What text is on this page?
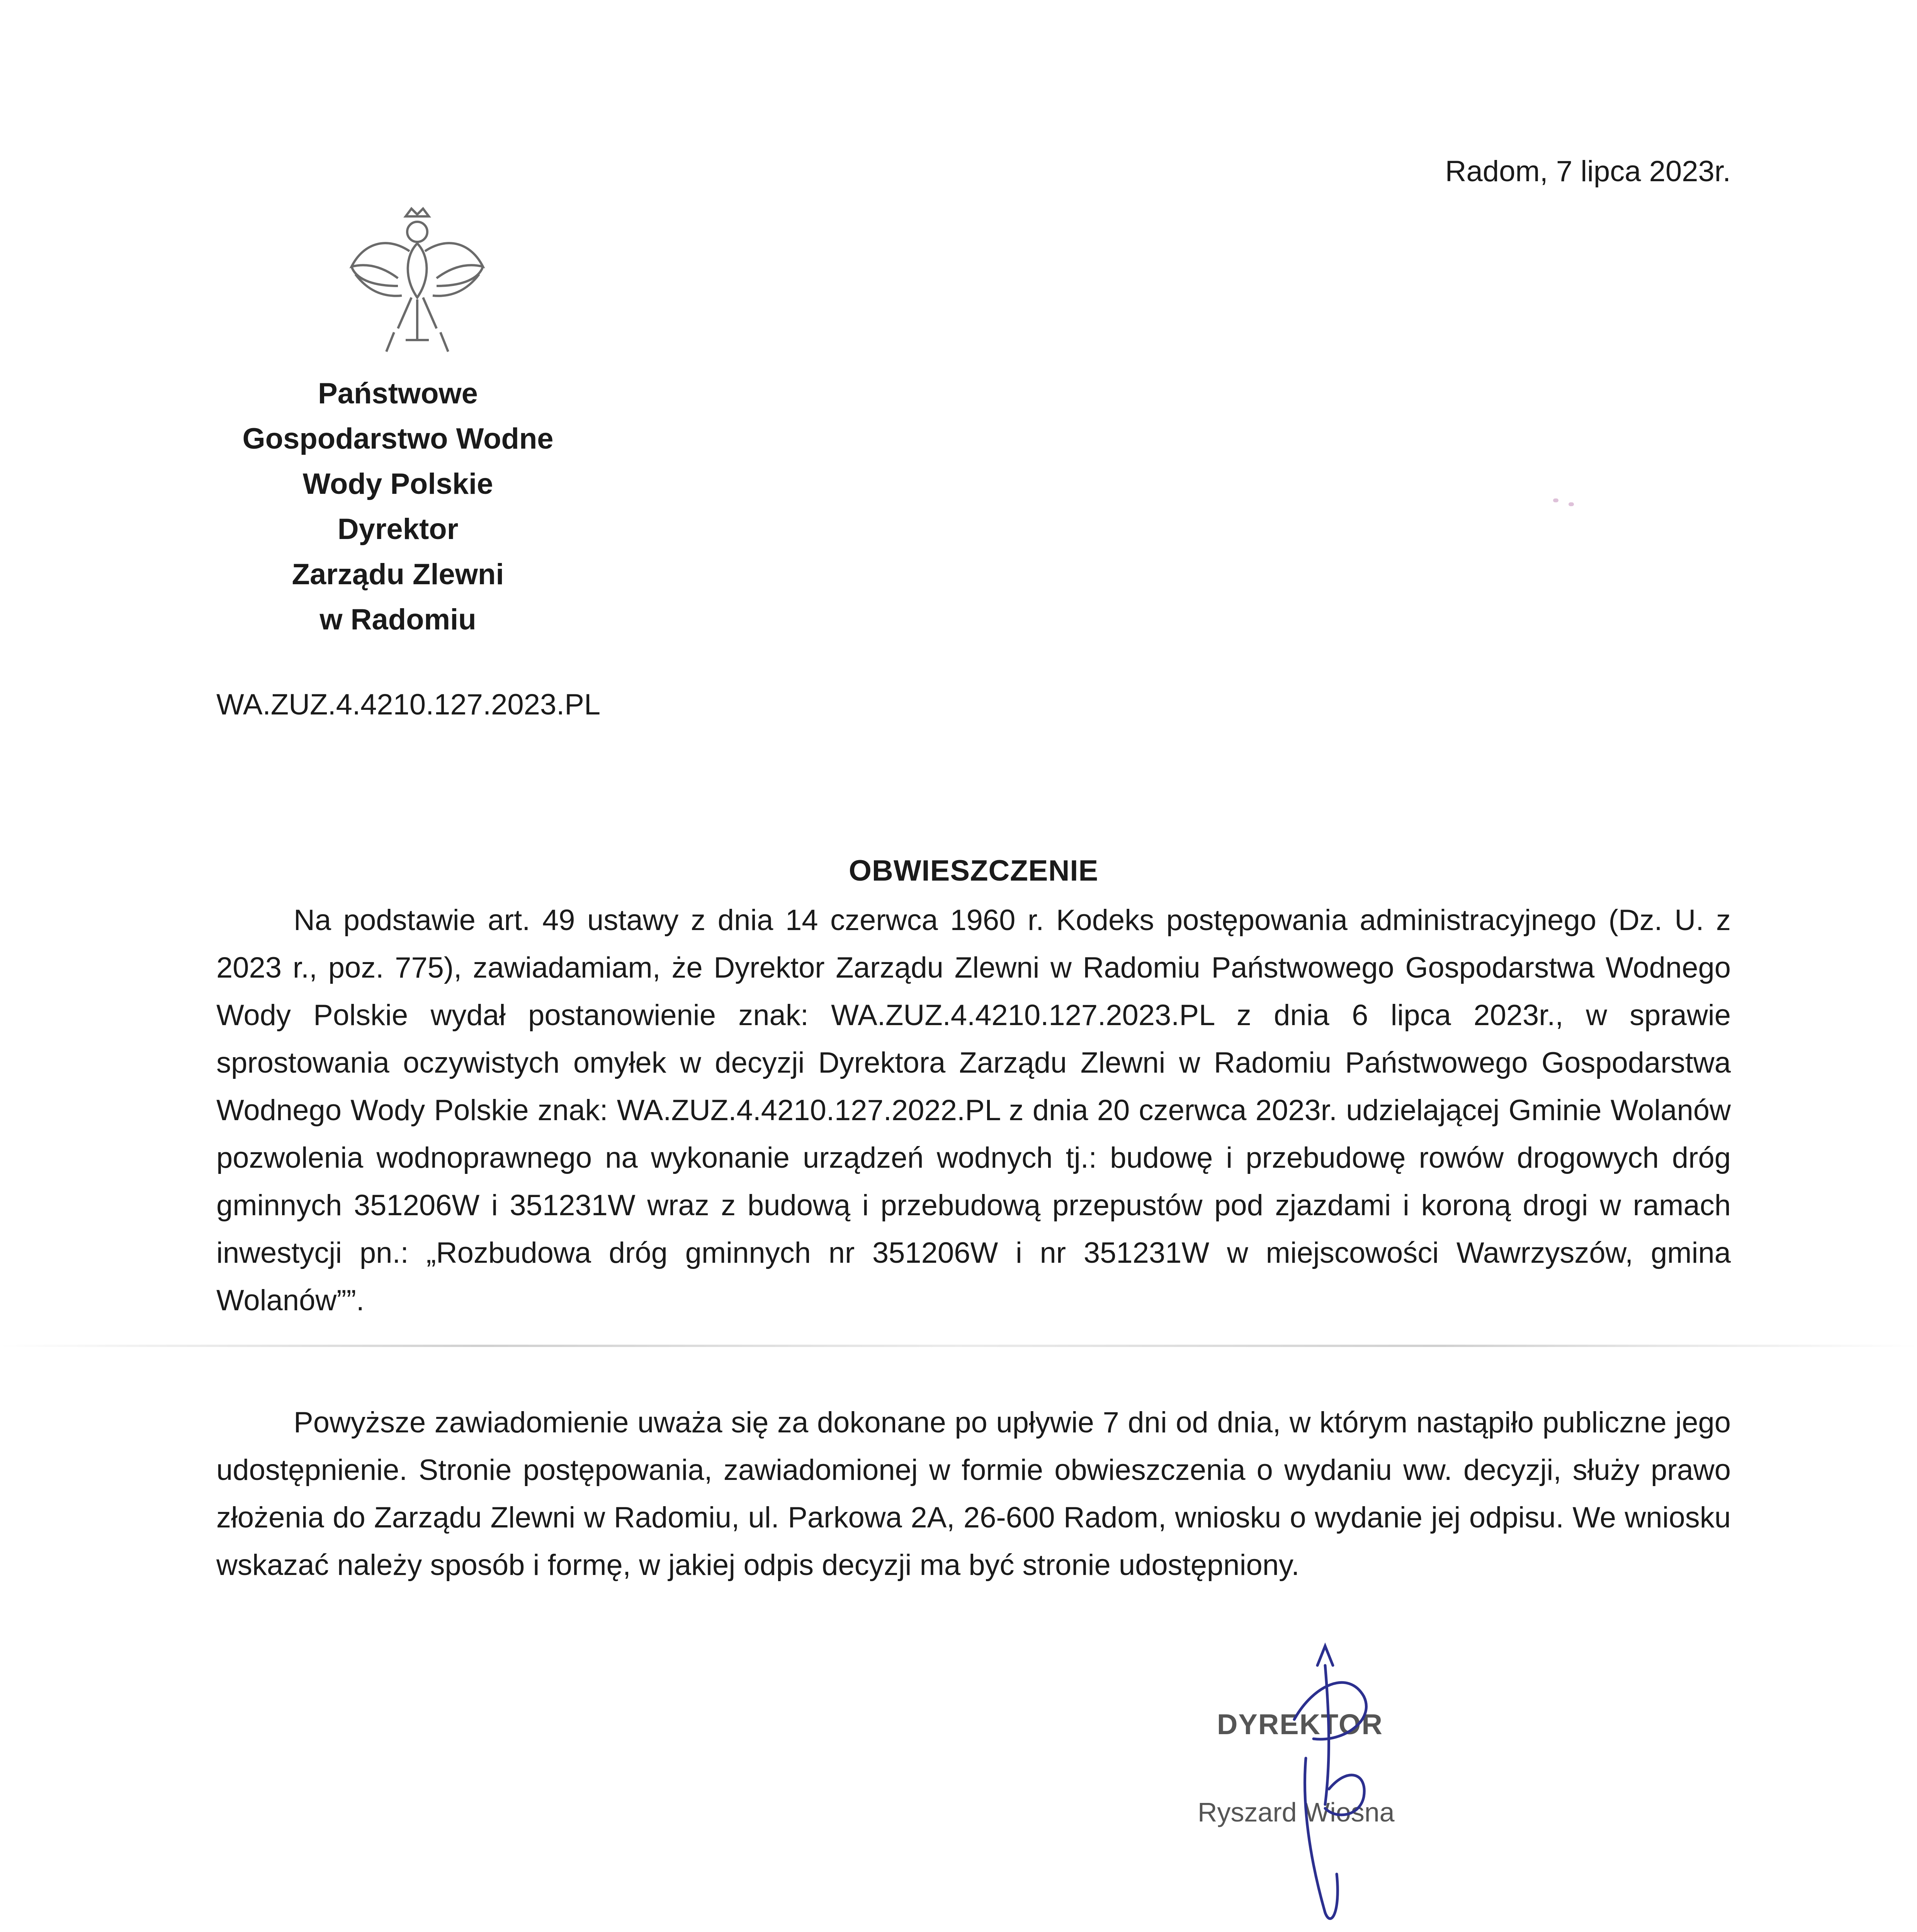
Radom, 7 lipca 2023r.
Państwowe
Gospodarstwo Wodne
Wody Polskie
Dyrektor
Zarządu Zlewni
w Radomiu
WA.ZUZ.4.4210.127.2023.PL
OBWIESZCZENIE

Na podstawie art. 49 ustawy z dnia 14 czerwca 1960 r. Kodeks postępowania administracyjnego (Dz. U. z 2023 r., poz. 775), zawiadamiam, że Dyrektor Zarządu Zlewni w Radomiu Państwowego Gospodarstwa Wodnego Wody Polskie wydał postanowienie znak: WA.ZUZ.4.4210.127.2023.PL z dnia 6 lipca 2023r., w sprawie sprostowania oczywistych omyłek w decyzji Dyrektora Zarządu Zlewni w Radomiu Państwowego Gospodarstwa Wodnego Wody Polskie znak: WA.ZUZ.4.4210.127.2022.PL z dnia 20 czerwca 2023r. udzielającej Gminie Wolanów pozwolenia wodnoprawnego na wykonanie urządzeń wodnych tj.: budowę i przebudowę rowów drogowych dróg gminnych 351206W i 351231W wraz z budową i przebudową przepustów pod zjazdami i koroną drogi w ramach inwestycji pn.: „Rozbudowa dróg gminnych nr 351206W i nr 351231W w miejscowości Wawrzyszów, gmina Wolanów””.

Powyższe zawiadomienie uważa się za dokonane po upływie 7 dni od dnia, w którym nastąpiło publiczne jego udostępnienie. Stronie postępowania, zawiadomionej w formie obwieszczenia o wydaniu ww. decyzji, służy prawo złożenia do Zarządu Zlewni w Radomiu, ul. Parkowa 2A, 26-600 Radom, wniosku o wydanie jej odpisu. We wniosku wskazać należy sposób i formę, w jakiej odpis decyzji ma być stronie udostępniony.

DYREKTOR
Ryszard Wiosna
